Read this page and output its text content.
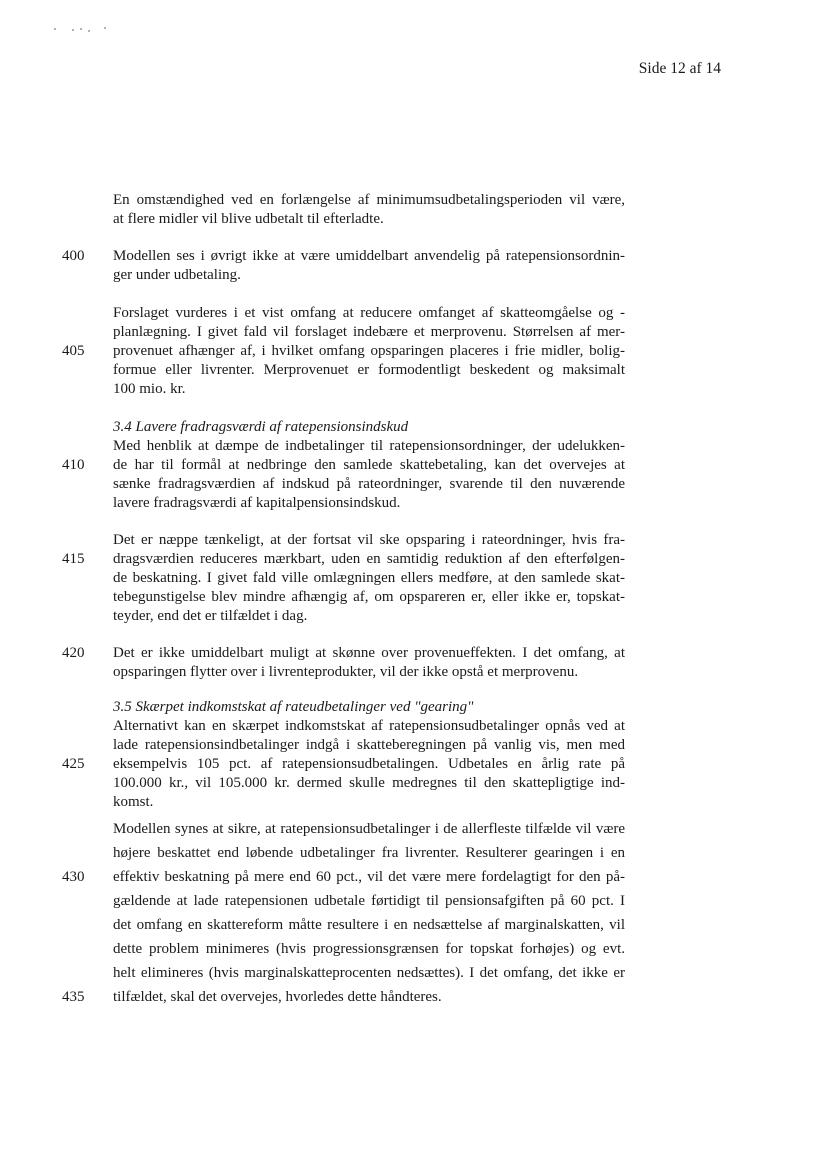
Side 12 af 14
En omstændighed ved en forlængelse af minimumsudbetalingsperioden vil være,
at flere midler vil blive udbetalt til efterladte.
Modellen ses i øvrigt ikke at være umiddelbart anvendelig på ratepensionsordnin-
ger under udbetaling.
Forslaget vurderes i et vist omfang at reducere omfanget af skatteomgåelse og -
planlægning. I givet fald vil forslaget indebære et merprovenu. Størrelsen af mer-
provenuet afhænger af, i hvilket omfang opsparingen placeres i frie midler, bolig-
formue eller livrenter. Merprovenuet er formodentligt beskedent og maksimalt
100 mio. kr.
3.4 Lavere fradragsværdi af ratepensionsindskud
Med henblik at dæmpe de indbetalinger til ratepensionsordninger, der udelukken-
de har til formål at nedbringe den samlede skattebetaling, kan det overvejes at
sænke fradragsværdien af indskud på rateordninger, svarende til den nuværende
lavere fradragsværdi af kapitalpensionsindskud.
Det er næppe tænkeligt, at der fortsat vil ske opsparing i rateordninger, hvis fra-
dragsværdien reduceres mærkbart, uden en samtidig reduktion af den efterfølgen-
de beskatning. I givet fald ville omlægningen ellers medføre, at den samlede skat-
tebegunstigelse blev mindre afhængig af, om opspareren er, eller ikke er, topskat-
teyder, end det er tilfældet i dag.
Det er ikke umiddelbart muligt at skønne over provenueffekten. I det omfang, at
opsparingen flytter over i livrenteprodukter, vil der ikke opstå et merprovenu.
3.5 Skærpet indkomstskat af rateudbetalinger ved "gearing"
Alternativt kan en skærpet indkomstskat af ratepensionsudbetalinger opnås ved at
lade ratepensionsindbetalinger indgå i skatteberegningen på vanlig vis, men med
eksempelvis 105 pct. af ratepensionsudbetalingen. Udbetales en årlig rate på
100.000 kr., vil 105.000 kr. dermed skulle medregnes til den skattepligtige ind-
komst.
Modellen synes at sikre, at ratepensionsudbetalinger i de allerfleste tilfælde vil være
højere beskattet end løbende udbetalinger fra livrenter. Resulterer gearingen i en
effektiv beskatning på mere end 60 pct., vil det være mere fordelagtigt for den på-
gældende at lade ratepensionen udbetale førtidigt til pensionsafgiften på 60 pct. I
det omfang en skattereform måtte resultere i en nedsættelse af marginalskatten, vil
dette problem minimeres (hvis progressionsgrænsen for topskat forhøjes) og evt.
helt elimineres (hvis marginalskatteprocenten nedsættes). I det omfang, det ikke er
tilfældet, skal det overvejes, hvorledes dette håndteres.
400
405
410
415
420
425
430
435
